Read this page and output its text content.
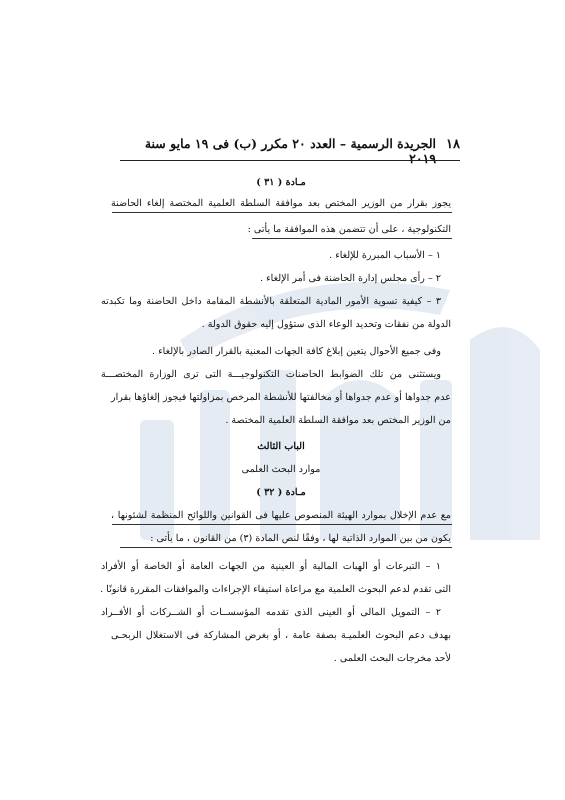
١٨
الجريدة الرسمية – العدد ٢٠ مكرر (ب) فى ١٩ مايو سنة ٢٠١٩
مـادة ( ٣١ )
يجوز بقرار من الوزير المختص بعد موافقة السلطة العلمية المختصة إلغاء الحاضنة
التكنولوجية ، على أن تتضمن هذه الموافقة ما يأتى :
١ – الأسباب المبررة للإلغاء .
٢ – رأى مجلس إدارة الحاضنة فى أمر الإلغاء .
٣ – كيفية تسوية الأمور المادية المتعلقة بالأنشطة المقامة داخل الحاضنة وما تكبدته
الدولة من نفقات وتحديد الوعاء الذى ستؤول إليه حقوق الدولة .
وفى جميع الأحوال يتعين إبلاغ كافة الجهات المعنية بالقرار الصادر بالإلغاء .
ويستثنى من تلك الضوابط الحاضنات التكنولوجيـــة التى ترى الوزارة المختصـــة
عدم جدواها أو عدم جدواها أو مخالفتها للأنشطة المرخص بمزاولتها فيجوز إلغاؤها بقرار
من الوزير المختص بعد موافقة السلطة العلمية المختصة .
الباب الثالث
موارد البحث العلمى
مـادة ( ٣٢ )
مع عدم الإخلال بموارد الهيئة المنصوص عليها فى القوانين واللوائح المنظمة لشئونها ،
يكون من بين الموارد الذاتية لها ، وفقًا لنص المادة (٣) من القانون ، ما يأتى :
١ – التبرعات أو الهبات المالية أو العينية من الجهات العامة أو الخاصة أو الأفراد
التى تقدم لدعم البحوث العلمية مع مراعاة استيفاء الإجراءات والموافقات المقررة قانونًا .
٢ – التمويل المالى أو العينى الذى تقدمه المؤسســات أو الشــركات أو الأفــراد
بهدف دعم البحوث العلميـة بصفة عامة ، أو بغرض المشاركة فى الاستغلال الربحـى
لأحد مخرجات البحث العلمى .
